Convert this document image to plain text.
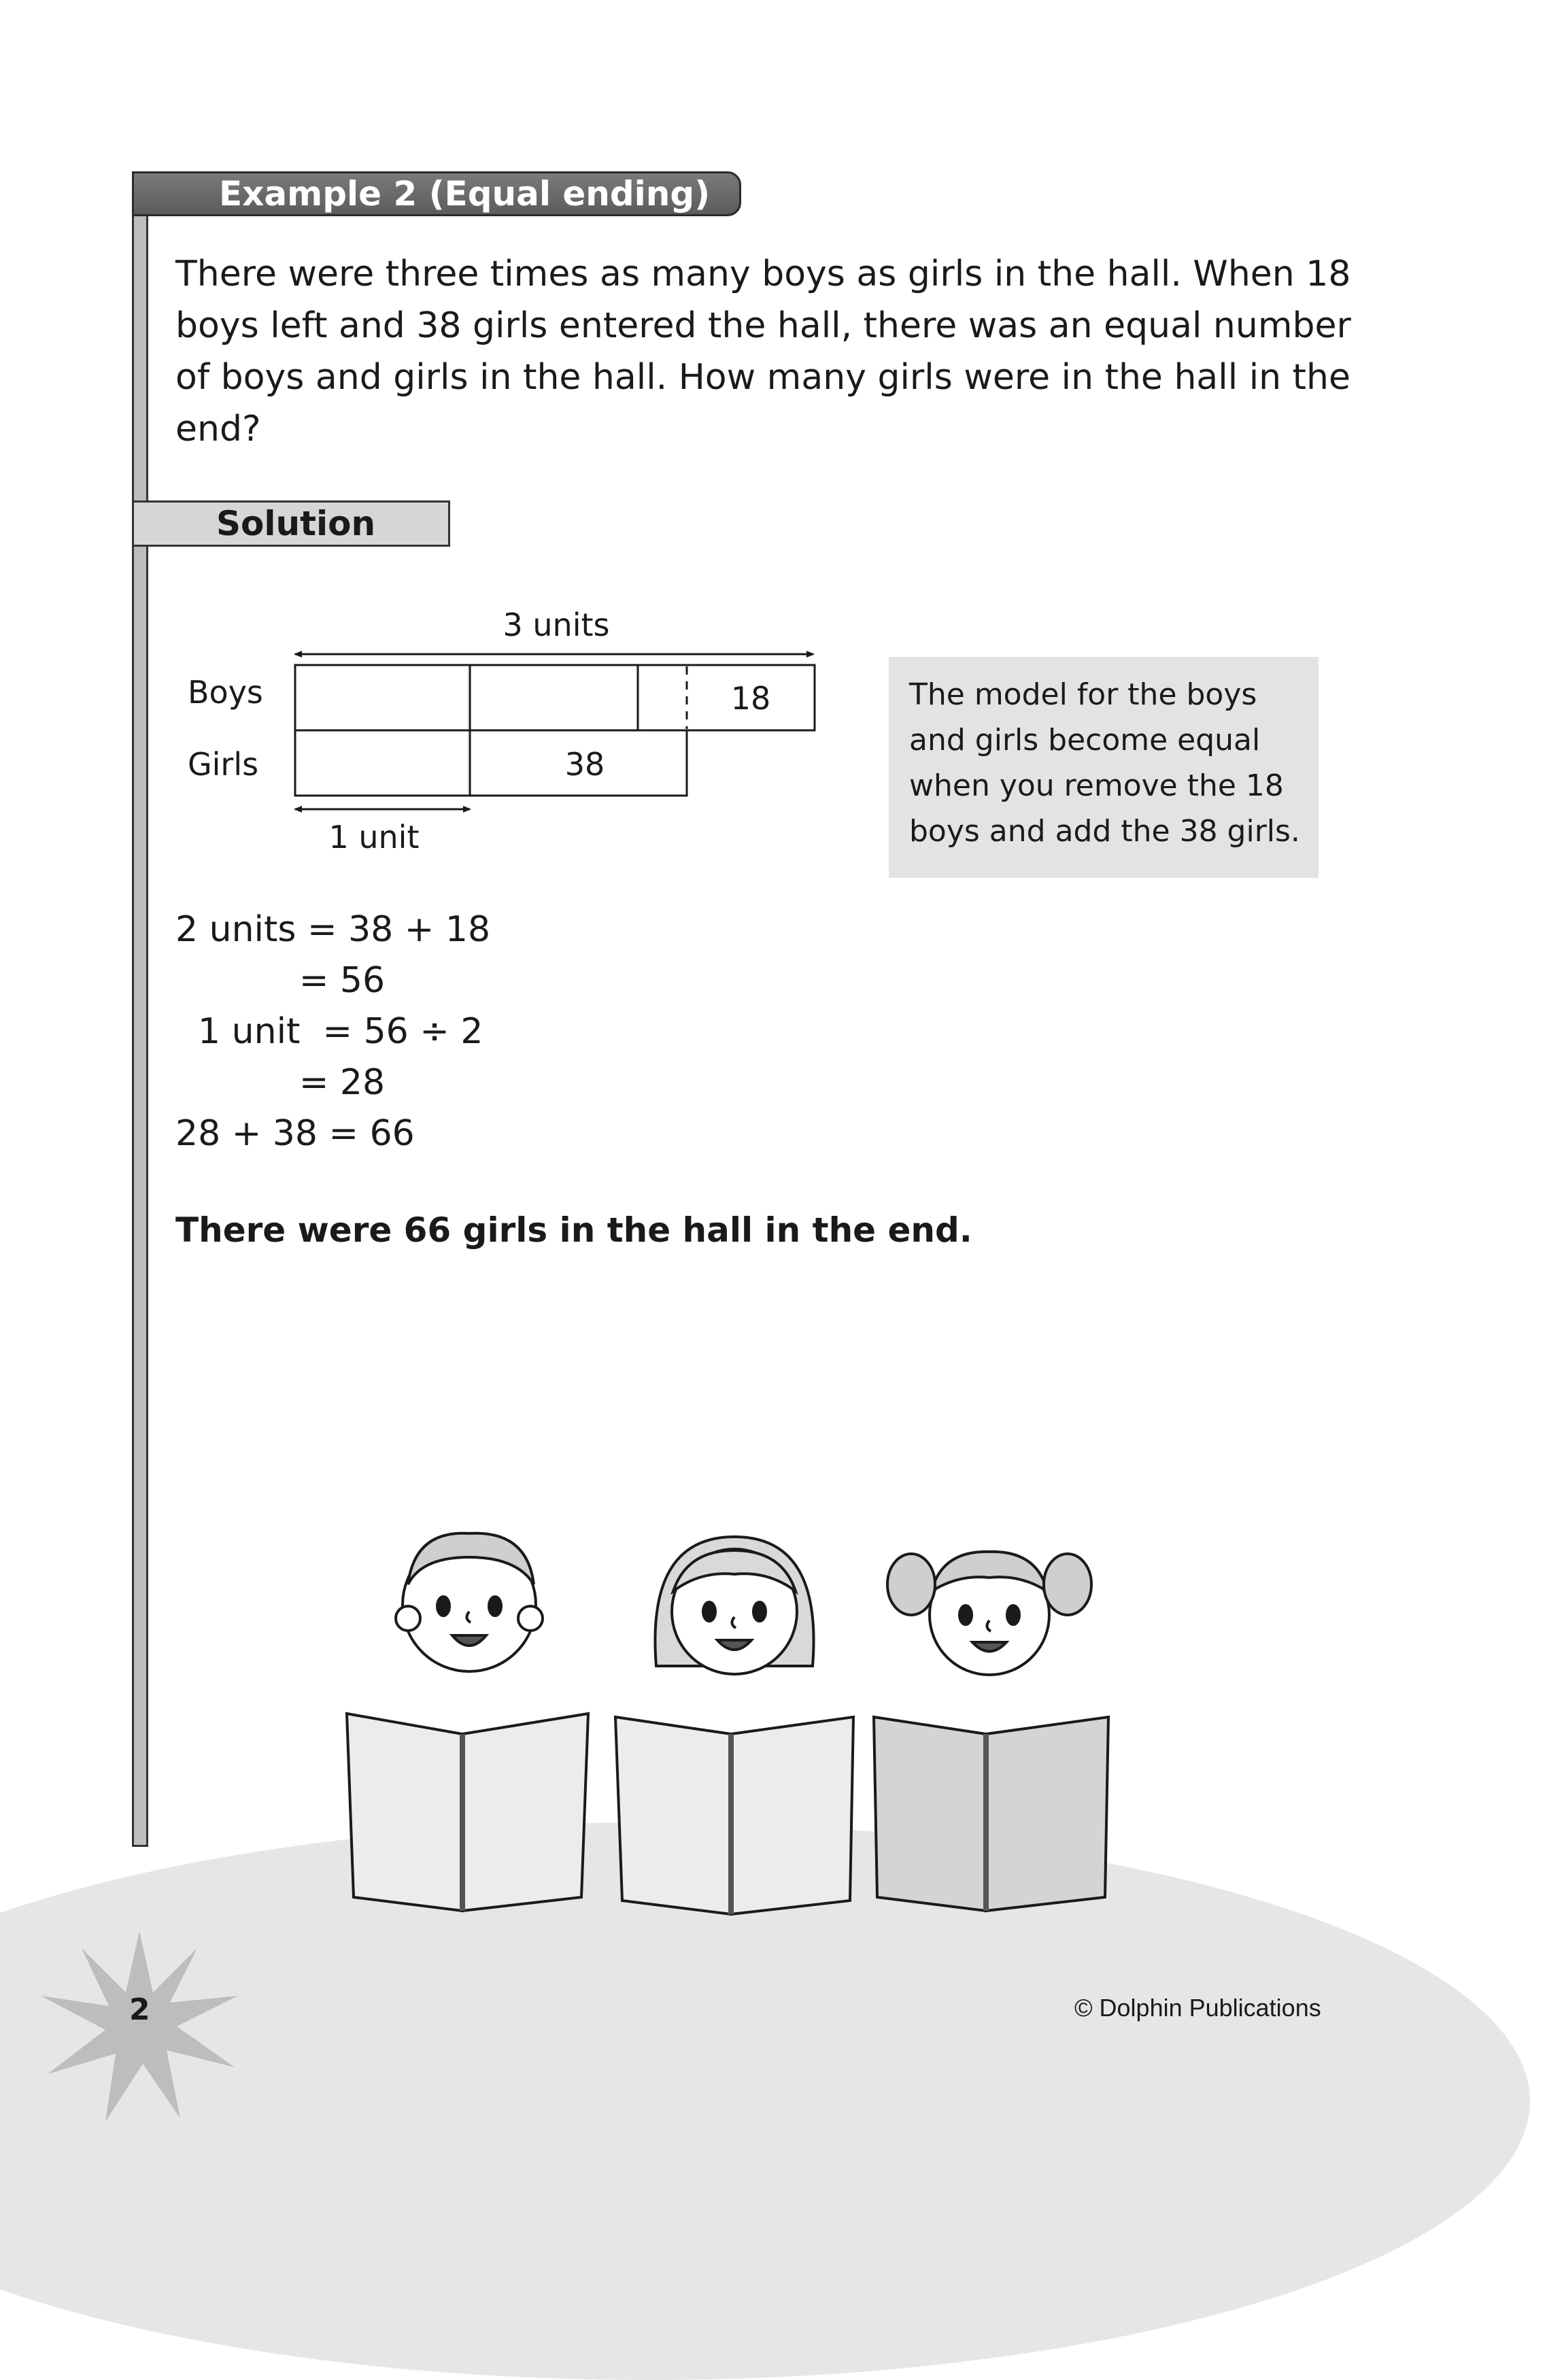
Example 2 (Equal ending)
There were three times as many boys as girls in the hall. When 18
boys left and 38 girls entered the hall, there was an equal number
of boys and girls in the hall. How many girls were in the hall in the
end?
Solution
3 units
Boys
Girls
18
38
1 unit
The model for the boys
and girls become equal
when you remove the 18
boys and add the 38 girls.
2 units = 38 + 18
= 56
1 unit  = 56 ÷ 2
= 28
28 + 38 = 66
There were 66 girls in the hall in the end.
2	© Dolphin Publications
